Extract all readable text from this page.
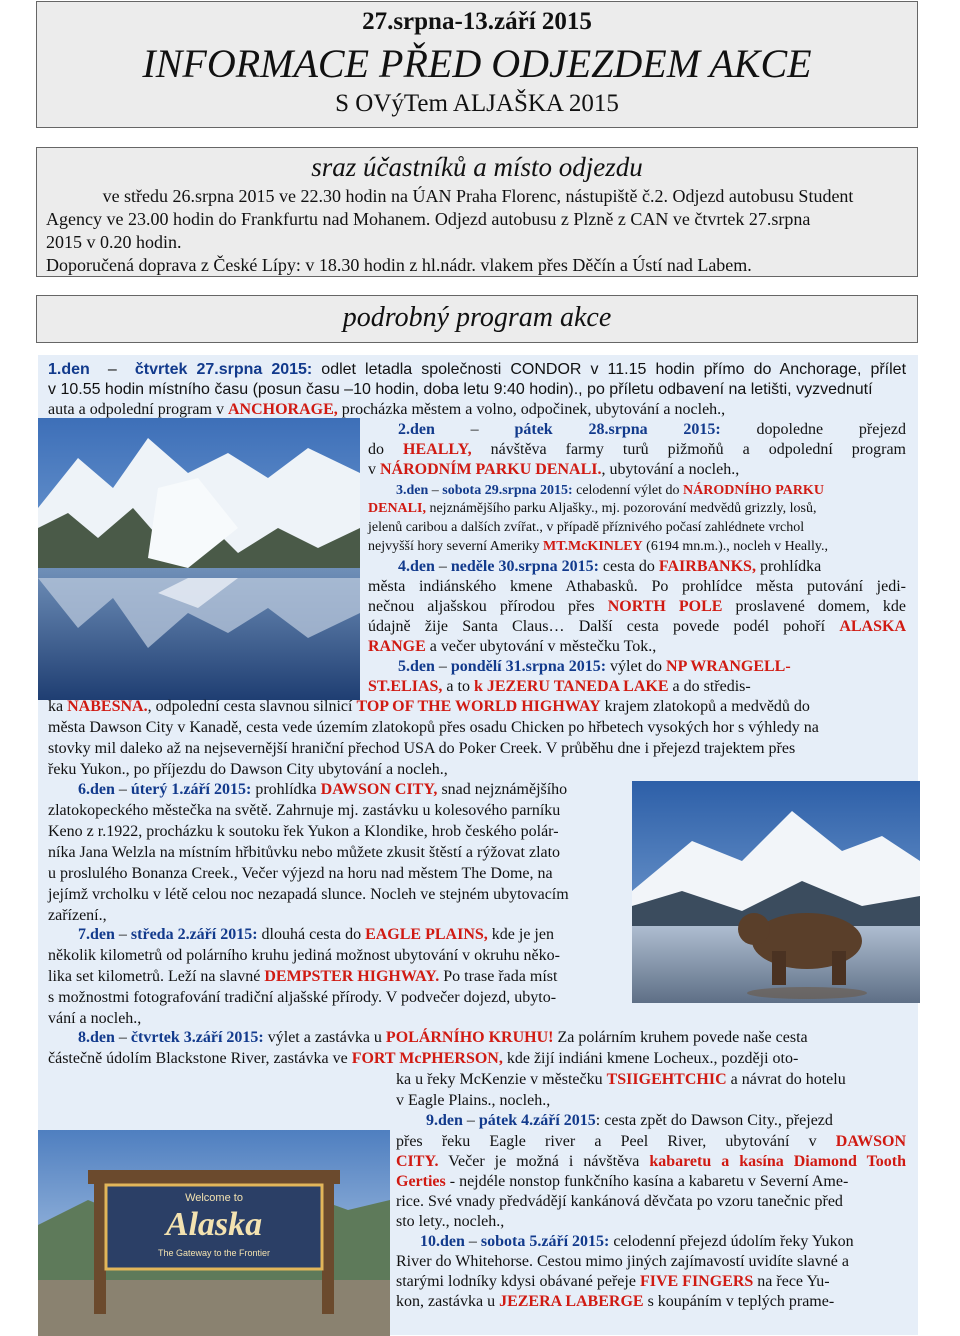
27.srpna-13.září 2015
INFORMACE PŘED ODJEZDEM AKCE
S OVýTem ALJAŠKA 2015
sraz účastníků a místo odjezdu
ve středu 26.srpna 2015 ve 22.30 hodin na ÚAN Praha Florenc, nástupiště č.2. Odjezd autobusu Student
Agency ve 23.00 hodin do Frankfurtu nad Mohanem. Odjezd autobusu z Plzně z CAN ve čtvrtek 27.srpna
2015 v 0.20 hodin.
Doporučená doprava z České Lípy: v 18.30 hodin z hl.nádr. vlakem přes Děčín a Ústí nad Labem.
podrobný program akce
Welcome to
Alaska
The Gateway to the Frontier
1.den  –  čtvrtek 27.srpna 2015: odlet letadla společnosti CONDOR v 11.15 hodin přímo do Anchorage, přílet
v 10.55 hodin místního času (posun času –10 hodin, doba letu 9:40 hodin)., po příletu odbavení na letišti, vyzvednutí
auta a odpolední program v ANCHORAGE, procházka městem a volno, odpočinek, ubytování a nocleh.,
2.den – pátek 28.srpna 2015: dopoledne přejezd
do HEALLY, návštěva farmy turů pižmoňů a odpolední program
v NÁRODNÍM PARKU DENALI., ubytování a nocleh.,
3.den – sobota 29.srpna 2015: celodenní výlet do NÁRODNÍHO PARKU
DENALI, nejznámějšího parku Aljašky., mj. pozorování medvědů grizzly, losů,
jelenů caribou a dalších zvířat., v případě příznivého počasí zahlédnete vrchol
nejvyšší hory severní Ameriky MT.McKINLEY (6194 mn.m.)., nocleh v Heally.,
4.den – neděle 30.srpna 2015: cesta do FAIRBANKS, prohlídka
města indiánského kmene Athabasků. Po prohlídce města putování jedi-
nečnou aljašskou přírodou přes NORTH POLE proslavené domem, kde
údajně žije Santa Claus… Další cesta povede podél pohoří ALASKA
RANGE a večer ubytování v městečku Tok.,
5.den – pondělí 31.srpna 2015: výlet do NP WRANGELL-
ST.ELIAS, a to k JEZERU TANEDA LAKE a do středis-
ka NABESNA., odpolední cesta slavnou silnicí TOP OF THE WORLD HIGHWAY krajem zlatokopů a medvědů do
města Dawson City v Kanadě, cesta vede územím zlatokopů přes osadu Chicken po hřbetech vysokých hor s výhledy na
stovky mil daleko až na nejsevernější hraniční přechod USA do Poker Creek. V průběhu dne i přejezd trajektem přes
řeku Yukon., po příjezdu do Dawson City ubytování a nocleh.,
6.den – úterý 1.září 2015: prohlídka DAWSON CITY, snad nejznámějšího
zlatokopeckého městečka na světě. Zahrnuje mj. zastávku u kolesového parníku
Keno z r.1922, procházku k soutoku řek Yukon a Klondike, hrob českého polár-
níka Jana Welzla na místním hřbitůvku nebo můžete zkusit štěstí a rýžovat zlato
u proslulého Bonanza Creek., Večer výjezd na horu nad městem The Dome, na
jejímž vrcholku v létě celou noc nezapadá slunce. Nocleh ve stejném ubytovacím
zařízení.,
7.den – středa 2.září 2015: dlouhá cesta do EAGLE PLAINS, kde je jen
několik kilometrů od polárního kruhu jediná možnost ubytování v okruhu něko-
lika set kilometrů. Leží na slavné DEMPSTER HIGHWAY. Po trase řada míst
s možnostmi fotografování tradiční aljašské přírody. V podvečer dojezd, ubyto-
vání a nocleh.,
8.den – čtvrtek 3.září 2015: výlet a zastávka u POLÁRNÍHO KRUHU! Za polárním kruhem povede naše cesta
částečně údolím Blackstone River, zastávka ve FORT McPHERSON, kde žijí indiáni kmene Locheux., později oto-
ka u řeky McKenzie v městečku TSIIGEHTCHIC a návrat do hotelu
v Eagle Plains., nocleh.,
9.den – pátek 4.září 2015: cesta zpět do Dawson City., přejezd
přes řeku Eagle river a Peel River, ubytování v DAWSON
CITY. Večer je možná i návštěva kabaretu a kasína Diamond Tooth
Gerties - nejdéle nonstop funkčního kasína a kabaretu v Severní Ame-
rice. Své vnady předvádějí kankánová děvčata po vzoru tanečnic před
sto lety., nocleh.,
10.den – sobota 5.září 2015: celodenní přejezd údolím řeky Yukon
River do Whitehorse. Cestou mimo jiných zajímavostí uvidíte slavné a
starými lodníky kdysi obávané peřeje FIVE FINGERS na řece Yu-
kon, zastávka u JEZERA LABERGE s koupáním v teplých prame-
